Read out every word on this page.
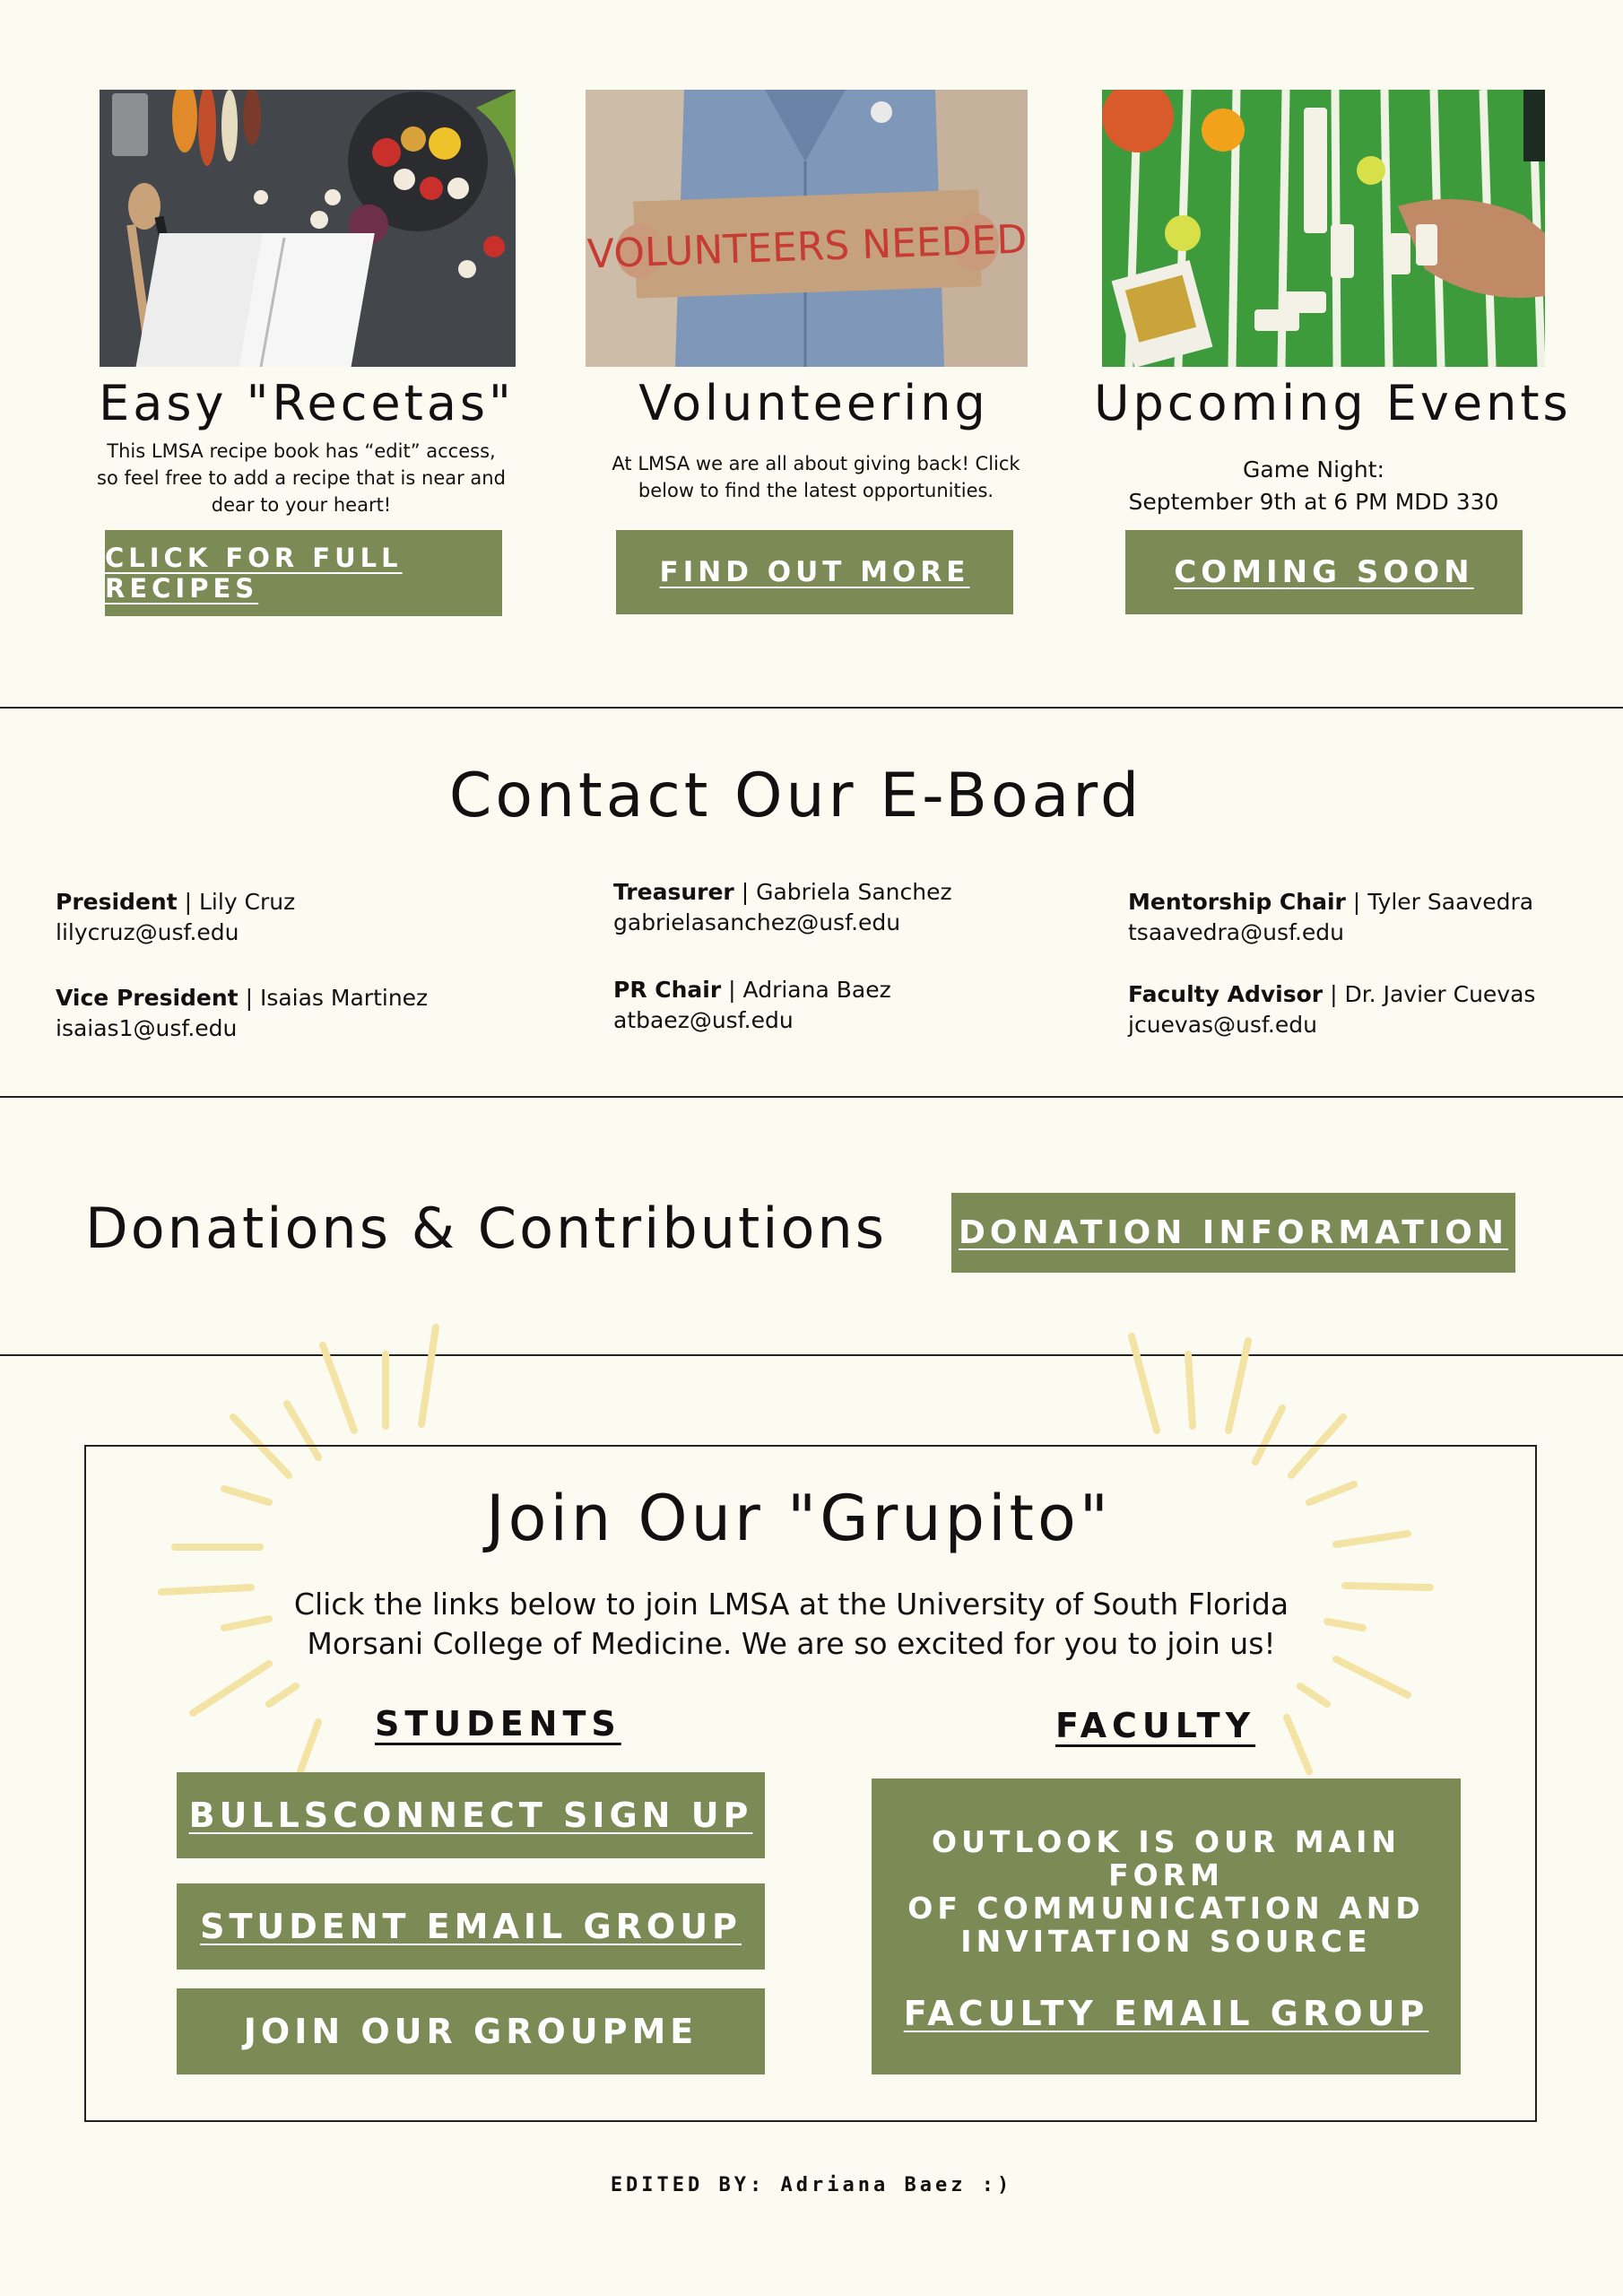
Easy "Recetas"
This LMSA recipe book has “edit” access, so feel free to add a recipe that is near and dear to your heart!
CLICK FOR FULL RECIPES
VOLUNTEERS NEEDED
Volunteering
At LMSA we are all about giving back! Click below to find the latest opportunities.
FIND OUT MORE
Upcoming Events
Game Night:
September 9th at 6 PM MDD 330
COMING SOON
Contact Our E-Board
President | Lily Cruz
lilycruz@usf.edu
Vice President | Isaias Martinez
isaias1@usf.edu
Treasurer | Gabriela Sanchez
gabrielasanchez@usf.edu
PR Chair | Adriana Baez
atbaez@usf.edu
Mentorship Chair | Tyler Saavedra
tsaavedra@usf.edu
Faculty Advisor | Dr. Javier Cuevas
jcuevas@usf.edu
Donations & Contributions DONATION INFORMATION
Join Our "Grupito"
Click the links below to join LMSA at the University of South Florida
Morsani College of Medicine. We are so excited for you to join us!
STUDENTS	FACULTY
BULLSCONNECT SIGN UP
STUDENT EMAIL GROUP
JOIN OUR GROUPME
OUTLOOK IS OUR MAIN FORM
OF COMMUNICATION AND
INVITATION SOURCE
FACULTY EMAIL GROUP
EDITED BY: Adriana Baez :)
